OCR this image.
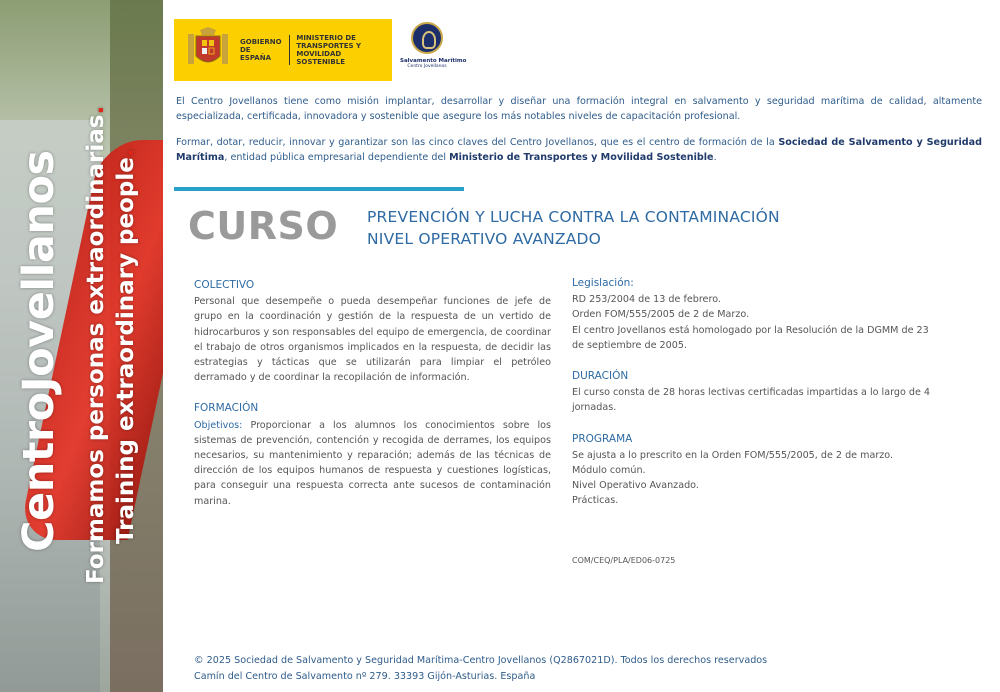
CentroJovellanos Formamos personas extraordinarias.
Training extraordinary people.
GOBIERNO DE ESPAÑA
MINISTERIO DE TRANSPORTES Y MOVILIDAD SOSTENIBLE	Salvamento Marítimo
Centro Jovellanos

El Centro Jovellanos tiene como misión implantar, desarrollar y diseñar una formación integral en salvamento y seguridad marítima de calidad, altamente especializada, certificada, innovadora y sostenible que asegure los más notables niveles de capacitación profesional.

Formar, dotar, reducir, innovar y garantizar son las cinco claves del Centro Jovellanos, que es el centro de formación de la Sociedad de Salvamento y Seguridad Marítima, entidad pública empresarial dependiente del Ministerio de Transportes y Movilidad Sostenible.

CURSO PREVENCIÓN Y LUCHA CONTRA LA CONTAMINACIÓN
NIVEL OPERATIVO AVANZADO
COLECTIVO
Personal que desempeñe o pueda desempeñar funciones de jefe de grupo en la coordinación y gestión de la respuesta de un vertido de hidrocarburos y son responsables del equipo de emergencia, de coordinar el trabajo de otros organismos implicados en la respuesta, de decidir las estrategias y tácticas que se utilizarán para limpiar el petróleo derramado y de coordinar la recopilación de información.
FORMACIÓN
Objetivos: Proporcionar a los alumnos los conocimientos sobre los sistemas de prevención, contención y recogida de derrames, los equipos necesarios, su mantenimiento y reparación; además de las técnicas de dirección de los equipos humanos de respuesta y cuestiones logísticas, para conseguir una respuesta correcta ante sucesos de contaminación marina.
Legislación:
RD 253/2004 de 13 de febrero.
Orden FOM/555/2005 de 2 de Marzo.
El centro Jovellanos está homologado por la Resolución de la DGMM de 23 de septiembre de 2005.
DURACIÓN
El curso consta de 28 horas lectivas certificadas impartidas a lo largo de 4 jornadas.
PROGRAMA
Se ajusta a lo prescrito en la Orden FOM/555/2005, de 2 de marzo.
Módulo común.
Nivel Operativo Avanzado.
Prácticas.
COM/CEQ/PLA/ED06-0725
© 2025 Sociedad de Salvamento y Seguridad Marítima-Centro Jovellanos (Q2867021D). Todos los derechos reservados
Camín del Centro de Salvamento nº 279. 33393 Gijón-Asturias. España
